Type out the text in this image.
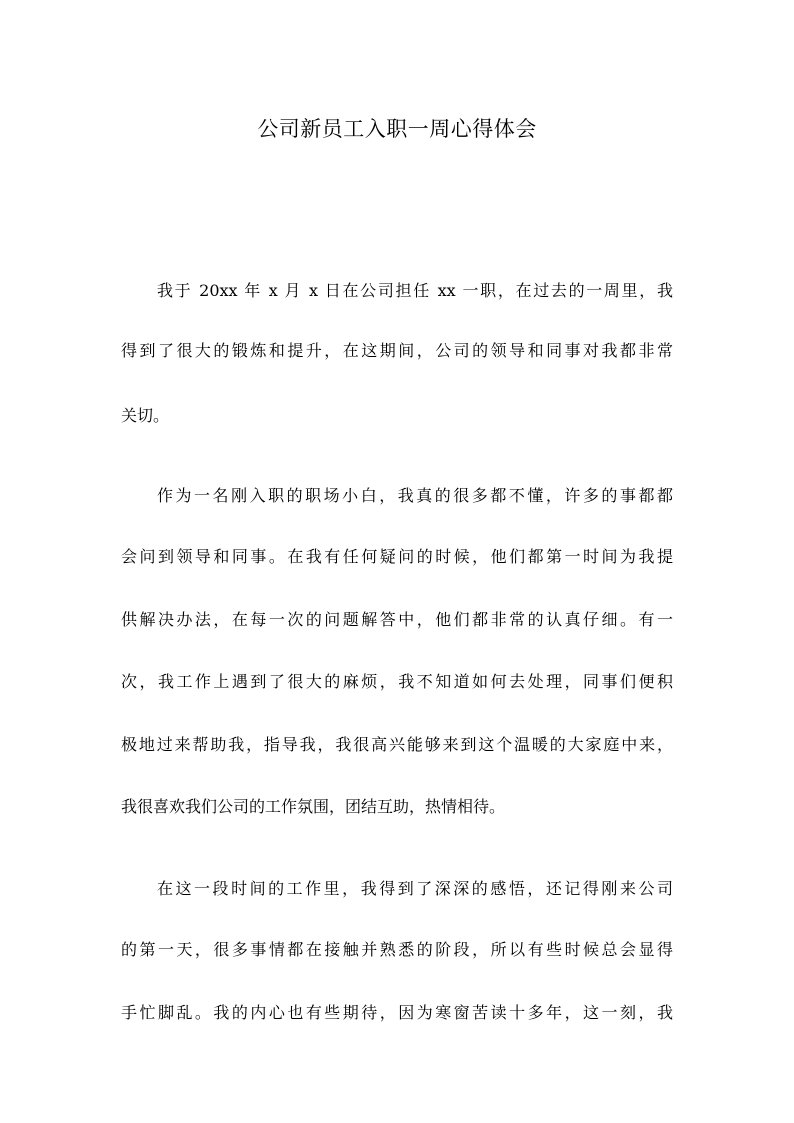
公司新员工入职一周心得体会
我于 20xx 年 x 月 x 日在公司担任 xx 一职，在过去的一周里，我
得到了很大的锻炼和提升，在这期间，公司的领导和同事对我都非常
关切。
作为一名刚入职的职场小白，我真的很多都不懂，许多的事都都
会问到领导和同事。在我有任何疑问的时候，他们都第一时间为我提
供解决办法，在每一次的问题解答中，他们都非常的认真仔细。有一
次，我工作上遇到了很大的麻烦，我不知道如何去处理，同事们便积
极地过来帮助我，指导我，我很高兴能够来到这个温暖的大家庭中来，
我很喜欢我们公司的工作氛围，团结互助，热情相待。
在这一段时间的工作里，我得到了深深的感悟，还记得刚来公司
的第一天，很多事情都在接触并熟悉的阶段，所以有些时候总会显得
手忙脚乱。我的内心也有些期待，因为寒窗苦读十多年，这一刻，我
